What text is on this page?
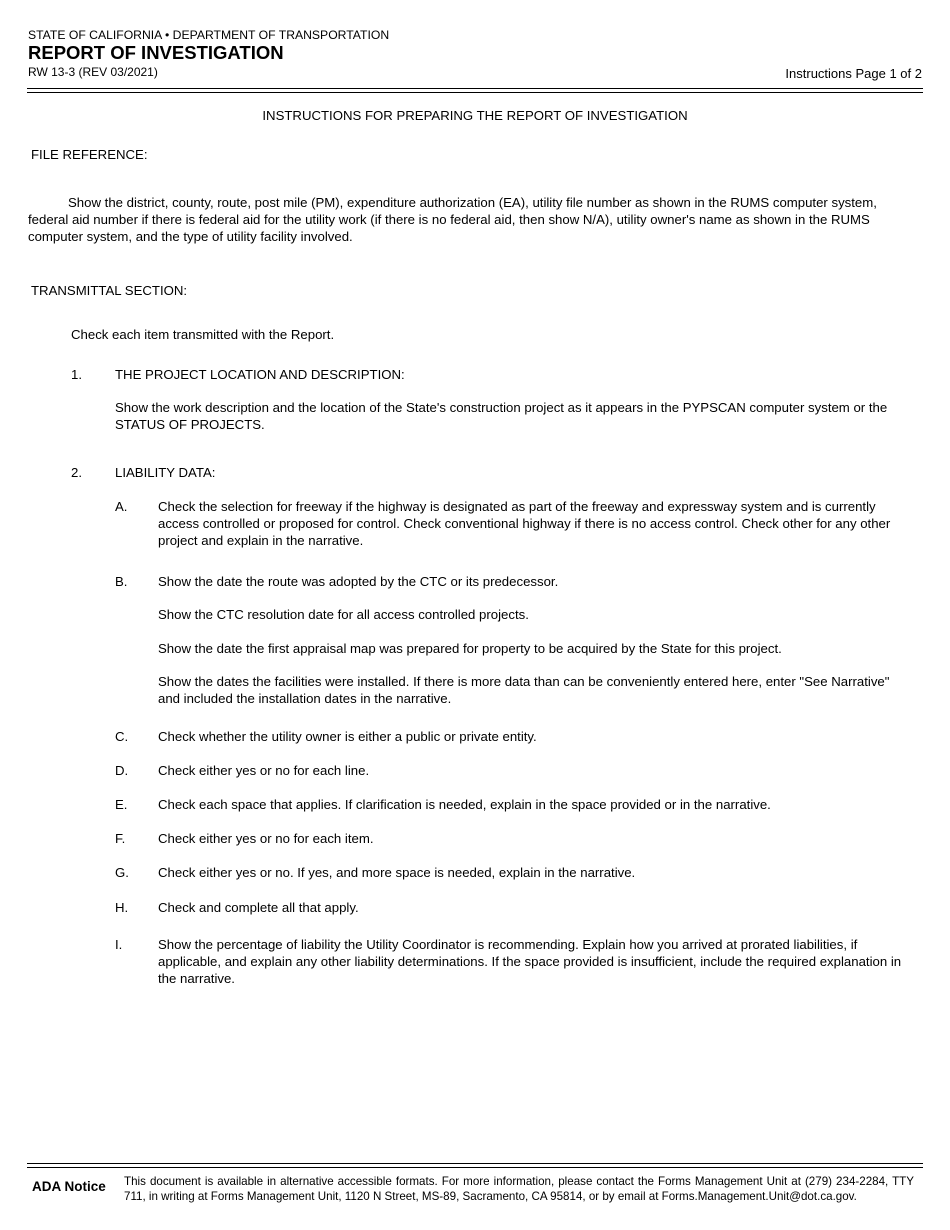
STATE OF CALIFORNIA • DEPARTMENT OF TRANSPORTATION
REPORT OF INVESTIGATION
RW 13-3 (REV 03/2021)	Instructions Page 1 of 2
INSTRUCTIONS FOR PREPARING THE REPORT OF INVESTIGATION
FILE REFERENCE:
Show the district, county, route, post mile (PM), expenditure authorization (EA), utility file number as shown in the RUMS computer system, federal aid number if there is federal aid for the utility work (if there is no federal aid, then show N/A), utility owner's name as shown in the RUMS computer system, and the type of utility facility involved.
TRANSMITTAL SECTION:
Check each item transmitted with the Report.
1.	THE PROJECT LOCATION AND DESCRIPTION:
Show the work description and the location of the State's construction project as it appears in the PYPSCAN computer system or the STATUS OF PROJECTS.
2.	LIABILITY DATA:
A. Check the selection for freeway if the highway is designated as part of the freeway and expressway system and is currently access controlled or proposed for control. Check conventional highway if there is no access control. Check other for any other project and explain in the narrative.
B. Show the date the route was adopted by the CTC or its predecessor.
Show the CTC resolution date for all access controlled projects.
Show the date the first appraisal map was prepared for property to be acquired by the State for this project.
Show the dates the facilities were installed. If there is more data than can be conveniently entered here, enter "See Narrative" and included the installation dates in the narrative.
C. Check whether the utility owner is either a public or private entity.
D. Check either yes or no for each line.
E. Check each space that applies. If clarification is needed, explain in the space provided or in the narrative.
F. Check either yes or no for each item.
G. Check either yes or no. If yes, and more space is needed, explain in the narrative.
H. Check and complete all that apply.
I.	Show the percentage of liability the Utility Coordinator is recommending. Explain how you arrived at prorated liabilities, if applicable, and explain any other liability determinations. If the space provided is insufficient, include the required explanation in the narrative.
ADA Notice This document is available in alternative accessible formats. For more information, please contact the Forms Management Unit at (279) 234-2284, TTY 711, in writing at Forms Management Unit, 1120 N Street, MS-89, Sacramento, CA 95814, or by email at Forms.Management.Unit@dot.ca.gov.
